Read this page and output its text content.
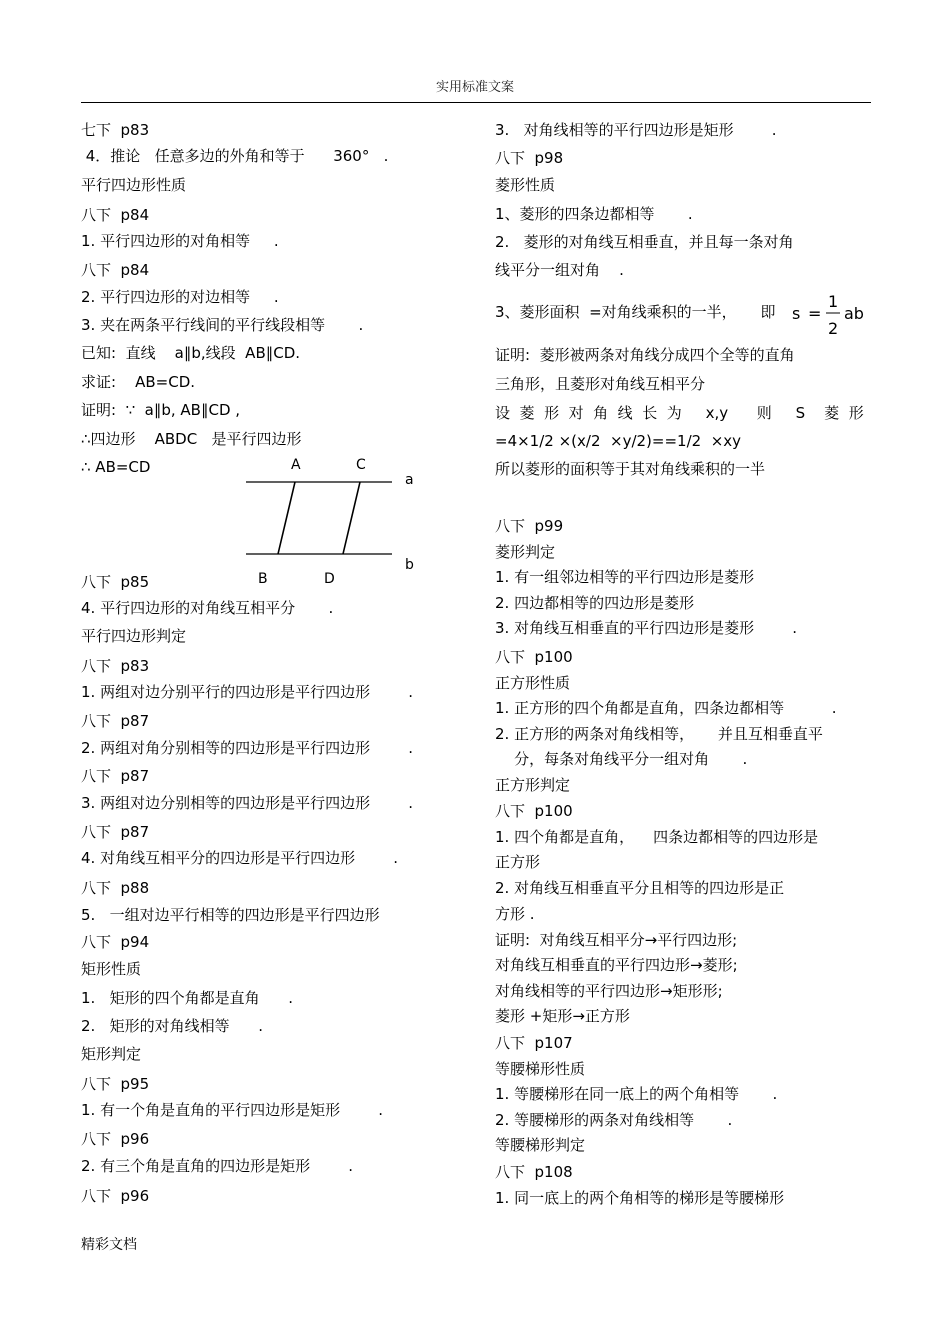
实用标准文案
七下  p83
4．推论   任意多边的外角和等于      360°   .
平行四边形性质
八下  p84
1. 平行四边形的对角相等     .
八下  p84
2. 平行四边形的对边相等     .
3. 夹在两条平行线间的平行线段相等       .
已知:  直线    a∥b,线段  AB∥CD.
求证:    AB=CD.
证明:  ∵  a∥b, AB∥CD ,
∴四边形    ABDC   是平行四边形
∴ AB=CD
八下  p85
4. 平行四边形的对角线互相平分       .
平行四边形判定
八下  p83
1. 两组对边分别平行的四边形是平行四边形        .
八下  p87
2. 两组对角分别相等的四边形是平行四边形        .
八下  p87
3. 两组对边分别相等的四边形是平行四边形        .
八下  p87
4. 对角线互相平分的四边形是平行四边形        .
八下  p88
5.   一组对边平行相等的四边形是平行四边形
八下  p94
矩形性质
1.   矩形的四个角都是直角      .
2.   矩形的对角线相等      .
矩形判定
八下  p95
1. 有一个角是直角的平行四边形是矩形        .
八下  p96
2. 有三个角是直角的四边形是矩形        .
八下  p96
A	C
a
B	D
b
3.   对角线相等的平行四边形是矩形        .
八下  p98
菱形性质
1、菱形的四条边都相等       .
2.   菱形的对角线互相垂直，并且每一条对角
线平分一组对角    .
3、菱形面积  =对角线乘积的一半，     即
证明:  菱形被两条对角线分成四个全等的直角
三角形，且菱形对角线互相平分
设  菱  形  对  角  线  长  为     x,y      则     S    菱  形
=4×1/2 ×(x/2  ×y/2)==1/2  ×xy
所以菱形的面积等于其对角线乘积的一半
八下  p99
菱形判定
1. 有一组邻边相等的平行四边形是菱形
2. 四边都相等的四边形是菱形
3. 对角线互相垂直的平行四边形是菱形        .
八下  p100
正方形性质
1. 正方形的四个角都是直角，四条边都相等          .
2. 正方形的两条对角线相等，     并且互相垂直平
分，每条对角线平分一组对角       .
正方形判定
八下  p100
1. 四个角都是直角，    四条边都相等的四边形是
正方形
2. 对角线互相垂直平分且相等的四边形是正
方形 .
证明:  对角线互相平分→平行四边形;
对角线互相垂直的平行四边形→菱形;
对角线相等的平行四边形→矩形形;
菱形 +矩形→正方形
八下  p107
等腰梯形性质
1. 等腰梯形在同一底上的两个角相等       .
2. 等腰梯形的两条对角线相等       .
等腰梯形判定
八下  p108
1. 同一底上的两个角相等的梯形是等腰梯形
s =
1
2
ab
精彩文档
